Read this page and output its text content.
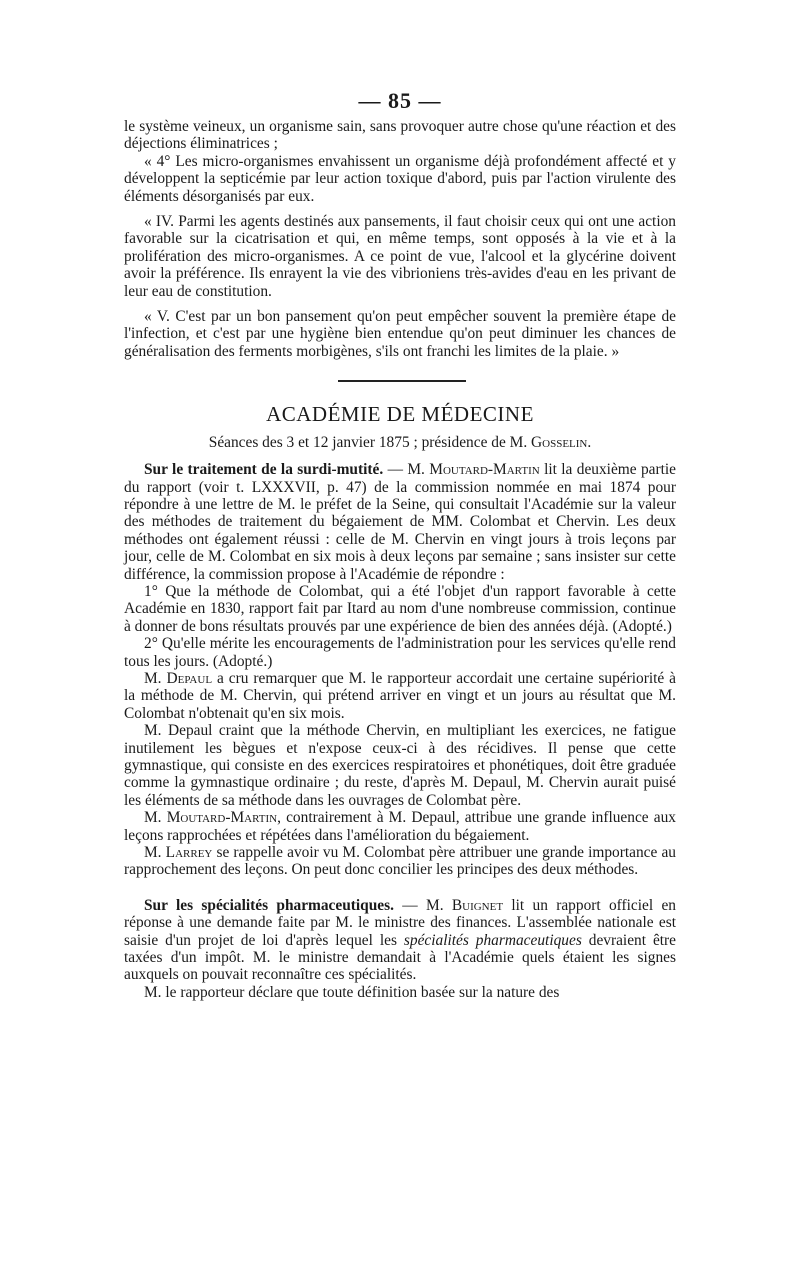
— 85 —

le système veineux, un organisme sain, sans provoquer autre chose qu'une réaction et des déjections éliminatrices ;

« 4° Les micro-organismes envahissent un organisme déjà profondément affecté et y développent la septicémie par leur action toxique d'abord, puis par l'action virulente des éléments désorganisés par eux.

« IV. Parmi les agents destinés aux pansements, il faut choisir ceux qui ont une action favorable sur la cicatrisation et qui, en même temps, sont opposés à la vie et à la prolifération des micro-organismes. A ce point de vue, l'alcool et la glycérine doivent avoir la préférence. Ils enrayent la vie des vibrioniens très-avides d'eau en les privant de leur eau de constitution.

« V. C'est par un bon pansement qu'on peut empêcher souvent la première étape de l'infection, et c'est par une hygiène bien entendue qu'on peut diminuer les chances de généralisation des ferments morbigènes, s'ils ont franchi les limites de la plaie. »

ACADÉMIE DE MÉDECINE

Séances des 3 et 12 janvier 1875 ; présidence de M. Gosselin.

Sur le traitement de la surdi-mutité. — M. Moutard-Martin lit la deuxième partie du rapport (voir t. LXXXVII, p. 47) de la commission nommée en mai 1874 pour répondre à une lettre de M. le préfet de la Seine, qui consultait l'Académie sur la valeur des méthodes de traitement du bégaiement de MM. Colombat et Chervin. Les deux méthodes ont également réussi : celle de M. Chervin en vingt jours à trois leçons par jour, celle de M. Colombat en six mois à deux leçons par semaine ; sans insister sur cette différence, la commission propose à l'Académie de répondre :

1° Que la méthode de Colombat, qui a été l'objet d'un rapport favorable à cette Académie en 1830, rapport fait par Itard au nom d'une nombreuse commission, continue à donner de bons résultats prouvés par une expérience de bien des années déjà. (Adopté.)

2° Qu'elle mérite les encouragements de l'administration pour les services qu'elle rend tous les jours. (Adopté.)

M. Depaul a cru remarquer que M. le rapporteur accordait une certaine supériorité à la méthode de M. Chervin, qui prétend arriver en vingt et un jours au résultat que M. Colombat n'obtenait qu'en six mois.

M. Depaul craint que la méthode Chervin, en multipliant les exercices, ne fatigue inutilement les bègues et n'expose ceux-ci à des récidives. Il pense que cette gymnastique, qui consiste en des exercices respiratoires et phonétiques, doit être graduée comme la gymnastique ordinaire ; du reste, d'après M. Depaul, M. Chervin aurait puisé les éléments de sa méthode dans les ouvrages de Colombat père.

M. Moutard-Martin, contrairement à M. Depaul, attribue une grande influence aux leçons rapprochées et répétées dans l'amélioration du bégaiement.

M. Larrey se rappelle avoir vu M. Colombat père attribuer une grande importance au rapprochement des leçons. On peut donc concilier les principes des deux méthodes.

Sur les spécialités pharmaceutiques. — M. Buignet lit un rapport officiel en réponse à une demande faite par M. le ministre des finances. L'assemblée nationale est saisie d'un projet de loi d'après lequel les spécialités pharmaceutiques devraient être taxées d'un impôt. M. le ministre demandait à l'Académie quels étaient les signes auxquels on pouvait reconnaître ces spécialités.

M. le rapporteur déclare que toute définition basée sur la nature des
